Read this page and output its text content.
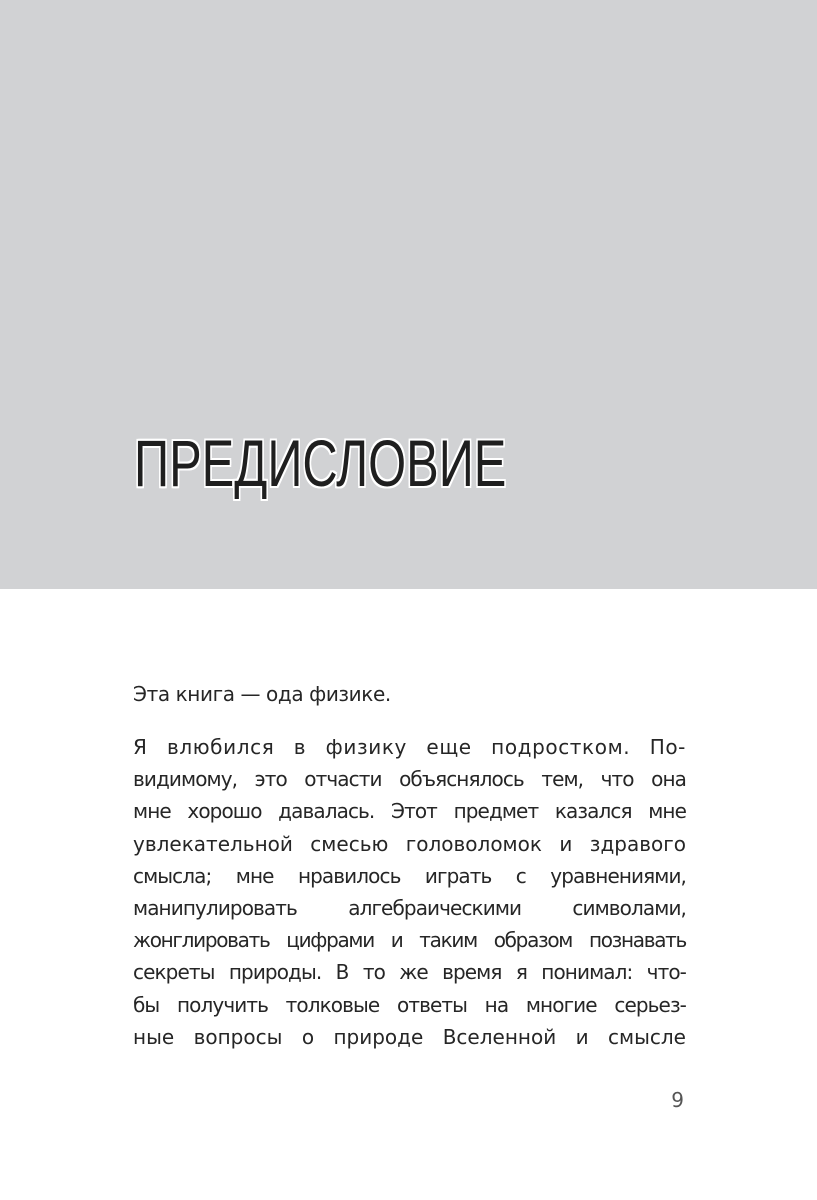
ПРЕДИСЛОВИЕ

Эта книга — ода физике.

Я влюбился в физику еще подростком. По-
видимому, это отчасти объяснялось тем, что она
мне хорошо давалась. Этот предмет казался мне
увлекательной смесью головоломок и здравого
смысла; мне нравилось играть с уравнениями,
манипулировать алгебраическими символами,
жонглировать цифрами и таким образом познавать
секреты природы. В то же время я понимал: что-
бы получить толковые ответы на многие серьез-
ные вопросы о природе Вселенной и смысле
9
